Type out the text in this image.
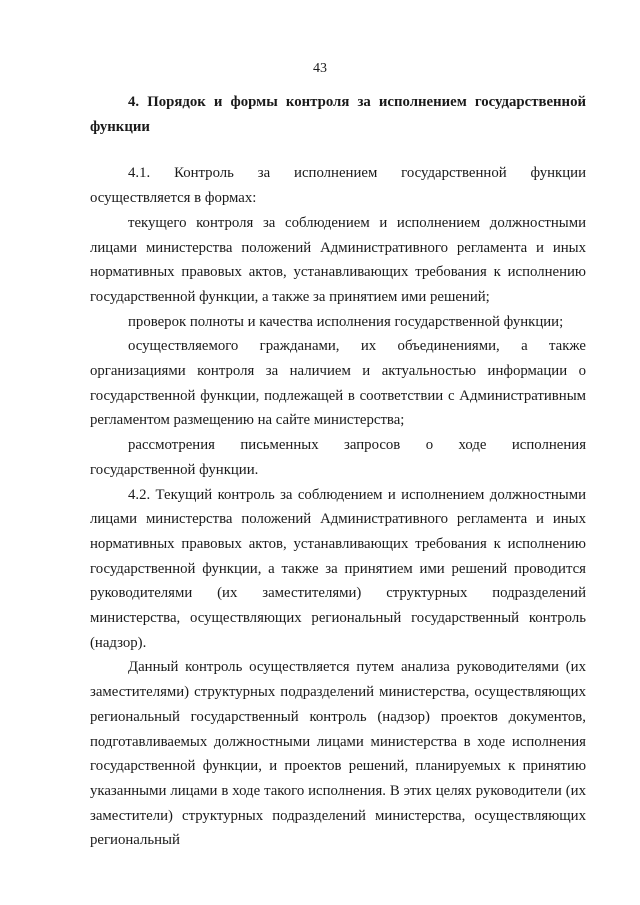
43

4. Порядок и формы контроля за исполнением государственной функции

4.1. Контроль за исполнением государственной функции осуществляется в формах:

текущего контроля за соблюдением и исполнением должностными лицами министерства положений Административного регламента и иных нормативных правовых актов, устанавливающих требования к исполнению государственной функции, а также за принятием ими решений;

проверок полноты и качества исполнения государственной функции;

осуществляемого гражданами, их объединениями, а также организациями контроля за наличием и актуальностью информации о государственной функции, подлежащей в соответствии с Административным регламентом размещению на сайте министерства;

рассмотрения письменных запросов о ходе исполнения государственной функции.

4.2. Текущий контроль за соблюдением и исполнением должностными лицами министерства положений Административного регламента и иных нормативных правовых актов, устанавливающих требования к исполнению государственной функции, а также за принятием ими решений проводится руководителями (их заместителями) структурных подразделений министерства, осуществляющих региональный государственный контроль (надзор).

Данный контроль осуществляется путем анализа руководителями (их заместителями) структурных подразделений министерства, осуществляющих региональный государственный контроль (надзор) проектов документов, подготавливаемых должностными лицами министерства в ходе исполнения государственной функции, и проектов решений, планируемых к принятию указанными лицами в ходе такого исполнения. В этих целях руководители (их заместители) структурных подразделений министерства, осуществляющих региональный
